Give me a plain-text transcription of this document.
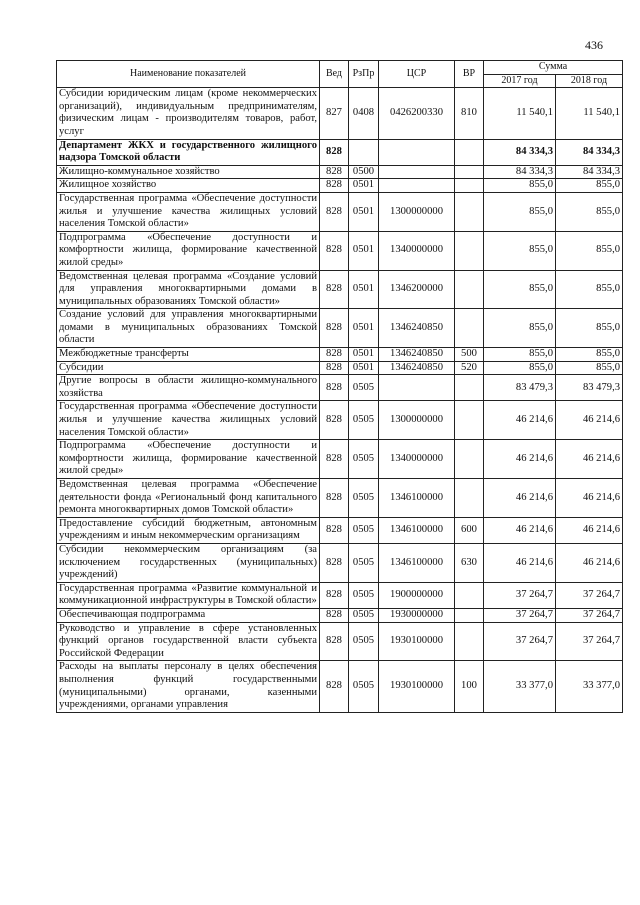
436
Наименование показателей	Вед	РзПр	ЦСР	ВР	Сумма	
					2017 год	2018 год
Субсидии юридическим лицам (кроме некоммерческих организаций), индивидуальным предпринимателям, физическим лицам - производителям товаров, работ, услуг	827	0408	0426200330	810	11 540,1	11 540,1
Департамент ЖКХ и государственного жилищного надзора Томской области	828				84 334,3	84 334,3
Жилищно-коммунальное хозяйство	828	0500			84 334,3	84 334,3
Жилищное хозяйство	828	0501			855,0	855,0
Государственная программа «Обеспечение доступности жилья и улучшение качества жилищных условий населения Томской области»	828	0501	1300000000		855,0	855,0
Подпрограмма «Обеспечение доступности и комфортности жилища, формирование качественной жилой среды»	828	0501	1340000000		855,0	855,0
Ведомственная целевая программа «Создание условий для управления многоквартирными домами в муниципальных образованиях Томской области»	828	0501	1346200000		855,0	855,0
Создание условий для управления многоквартирными домами в муниципальных образованиях Томской области	828	0501	1346240850		855,0	855,0
Межбюджетные трансферты	828	0501	1346240850	500	855,0	855,0
Субсидии	828	0501	1346240850	520	855,0	855,0
Другие вопросы в области жилищно-коммунального хозяйства	828	0505			83 479,3	83 479,3
Государственная программа «Обеспечение доступности жилья и улучшение качества жилищных условий населения Томской области»	828	0505	1300000000		46 214,6	46 214,6
Подпрограмма «Обеспечение доступности и комфортности жилища, формирование качественной жилой среды»	828	0505	1340000000		46 214,6	46 214,6
Ведомственная целевая программа «Обеспечение деятельности фонда «Региональный фонд капитального ремонта многоквартирных домов Томской области»	828	0505	1346100000		46 214,6	46 214,6
Предоставление субсидий бюджетным, автономным учреждениям и иным некоммерческим организациям	828	0505	1346100000	600	46 214,6	46 214,6
Субсидии некоммерческим организациям (за исключением государственных (муниципальных) учреждений)	828	0505	1346100000	630	46 214,6	46 214,6
Государственная программа «Развитие коммунальной и коммуникационной инфраструктуры в Томской области»	828	0505	1900000000		37 264,7	37 264,7
Обеспечивающая подпрограмма	828	0505	1930000000		37 264,7	37 264,7
Руководство и управление в сфере установленных функций органов государственной власти субъекта Российской Федерации	828	0505	1930100000		37 264,7	37 264,7
Расходы на выплаты персоналу в целях обеспечения выполнения функций государственными (муниципальными) органами, казенными учреждениями, органами управления	828	0505	1930100000	100	33 377,0	33 377,0
